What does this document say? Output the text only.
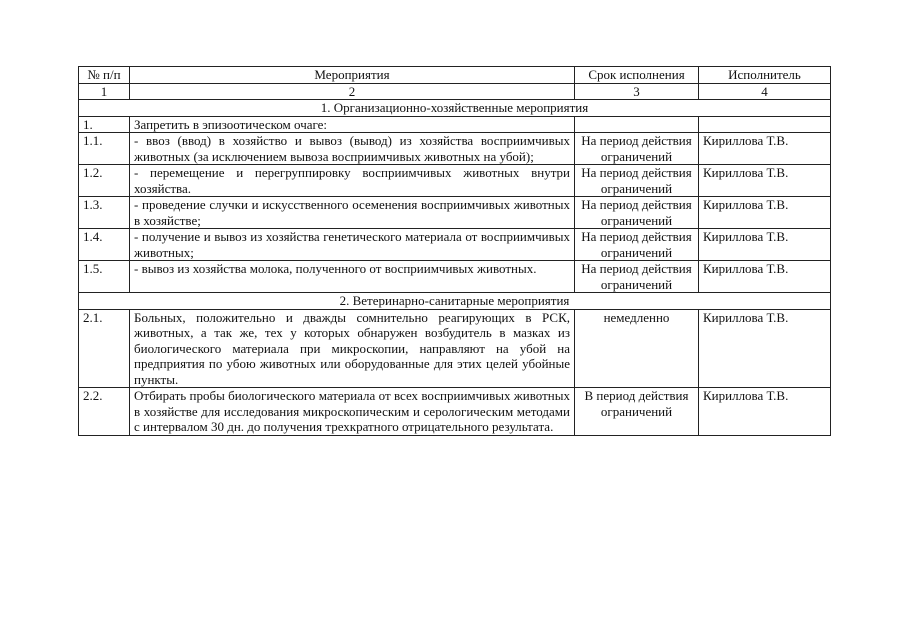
№ п/п	Мероприятия	Срок исполнения	Исполнитель
1	2	3	4
1. Организационно-хозяйственные мероприятия			
1.	Запретить в эпизоотическом очаге:		
1.1.	- ввоз (ввод) в хозяйство и вывоз (вывод) из хозяйства восприимчивых животных (за исключением вывоза восприимчивых животных на убой);	На период действия ограничений	Кириллова Т.В.
1.2.	- перемещение и перегруппировку восприимчивых животных внутри хозяйства.	На период действия ограничений	Кириллова Т.В.
1.3.	- проведение случки и искусственного осеменения восприимчивых животных в хозяйстве;	На период действия ограничений	Кириллова Т.В.
1.4.	- получение и вывоз из хозяйства генетического материала от восприимчивых животных;	На период действия ограничений	Кириллова Т.В.
1.5.	- вывоз из хозяйства молока, полученного от восприимчивых животных.	На период действия ограничений	Кириллова Т.В.
2. Ветеринарно-санитарные мероприятия			
2.1.	Больных, положительно и дважды сомнительно реагирующих в РСК, животных, а так же, тех у которых обнаружен возбудитель в мазках из биологического материала при микроскопии, направляют на убой на предприятия по убою животных или оборудованные для этих целей убойные пункты.	немедленно	Кириллова Т.В.
2.2.	Отбирать пробы биологического материала от всех восприимчивых животных в хозяйстве для исследования микроскопическим и серологическим методами с интервалом 30 дн. до получения трехкратного отрицательного результата.	В период действия ограничений	Кириллова Т.В.
